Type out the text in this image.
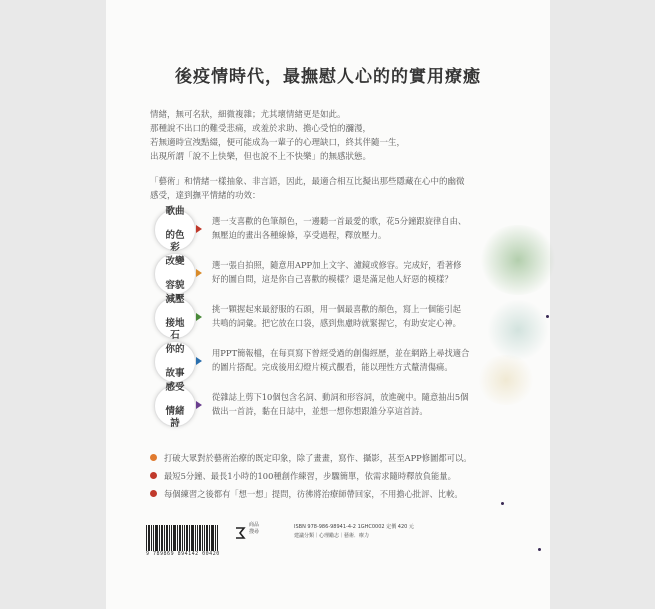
後疫情時代，最撫慰人心的的實用療癒

情緒，無可名狀，細微複雜；尤其壞情緒更是如此。
那種說不出口的難受悲痛，或羞於求助、擔心受怕的瀰漫，
若無適時宣洩點綴，便可能成為一輩子的心理缺口，終其伴隨一生，
出現所謂「說不上快樂，但也說不上不快樂」的無感狀態。

「藝術」和情緒一樣抽象、非言語，因此，最適合相互比擬出那些隱藏在心中的幽微
感受，達到撫平情緒的功效：

歌曲

的色彩
選一支喜歡的色筆顏色，一邊聽一首最愛的歌，花5分鐘跟旋律自由、
無壓迫的畫出各種線條，享受過程，釋放壓力。
改變

容貌
選一張自拍照，隨意用APP加上文字、濾鏡或修容。完成好，看著修
好的圖自問，這是你自己喜歡的模樣？還是滿足他人好惡的模樣？
減壓

接地石
挑一顆握起來最舒服的石頭，用一個最喜歡的顏色，寫上一個能引起
共鳴的詞彙。把它放在口袋，感到焦慮時就緊握它，有助安定心神。
你的

故事
用PPT簡報檔，在每頁寫下曾經受過的創傷經歷，並在網路上尋找適合
的圖片搭配。完成後用幻燈片模式觀看，能以理性方式釐清傷痛。
感受

情緒詩
從雜誌上剪下10個包含名詞、動詞和形容詞，放進碗中。隨意抽出5個
做出一首詩，黏在日誌中，並想一想你想跟誰分享這首詩。
打破大眾對於藝術治療的既定印象，除了畫畫，寫作、攝影，甚至APP修圖都可以。
最短5分鐘、最長1小時的100種創作練習，步驟簡單，依需求隨時釋放負能量。
每個練習之後都有「想一想」提問，彷彿將治療師帶回家，不用擔心批評、比較。
9 789869 894142 00420
商品
搜尋
ISBN 978-986-98941-4-2 1GHC0002 定價 420 元
建議分類｜心理勵志｜藝術．療力
